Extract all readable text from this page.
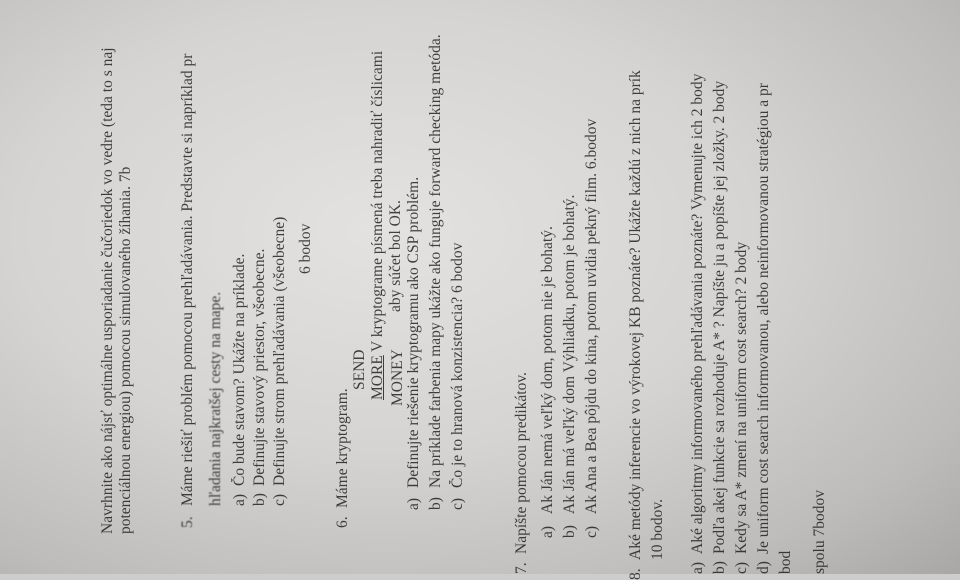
Navrhnite ako nájsť optimálne usporiadanie čučoriedok vo vedre (teda to s naj potenciálnou energiou) pomocou simulovaného žíhania. 7b	5.
Máme riešiť problém pomocou prehľadávania. Predstavte si napríklad pr hľadania najkratšej cesty na mape. a)
Čo bude stavom? Ukážte na príklade.
b)
Definujte stavový priestor, všeobecne.
c)
Definujte strom prehľadávania (všeobecne) 6 bodov
6.
Máme kryptogram.
SEND MORE MONEY
V kryptograme písmená treba nahradiť číslicami aby súčet bol OK.
a)
Definujte riešenie kryptogramu ako CSP problém.
b)
Na príklade farbenia mapy ukážte ako funguje forward checking metóda.
c)
Čo je to hranová konzistencia? 6 bodov
7.
Napíšte pomocou predikátov. a)
Ak Ján nemá veľký dom, potom nie je bohatý.
b)
Ak Ján má veľký dom Výhliadku, potom je bohatý.
c)
Ak Ana a Bea pôjdu do kina, potom uvidia pekný film. 6.bodov
8.
Aké metódy inferencie vo výrokovej KB poznáte? Ukážte každú z nich na prík 10 bodov.
a)
Aké algoritmy informovaného prehľadávania poznáte? Vymenujte ich 2 body
b)
Podľa akej funkcie sa rozhoduje A* ? Napíšte ju a popíšte jej zložky. 2 body
c)
Kedy sa A* zmení na uniform cost search? 2 body
d)
Je uniform cost search informovanou, alebo neinformovanou stratégiou a pr
bod spolu 7bodov
